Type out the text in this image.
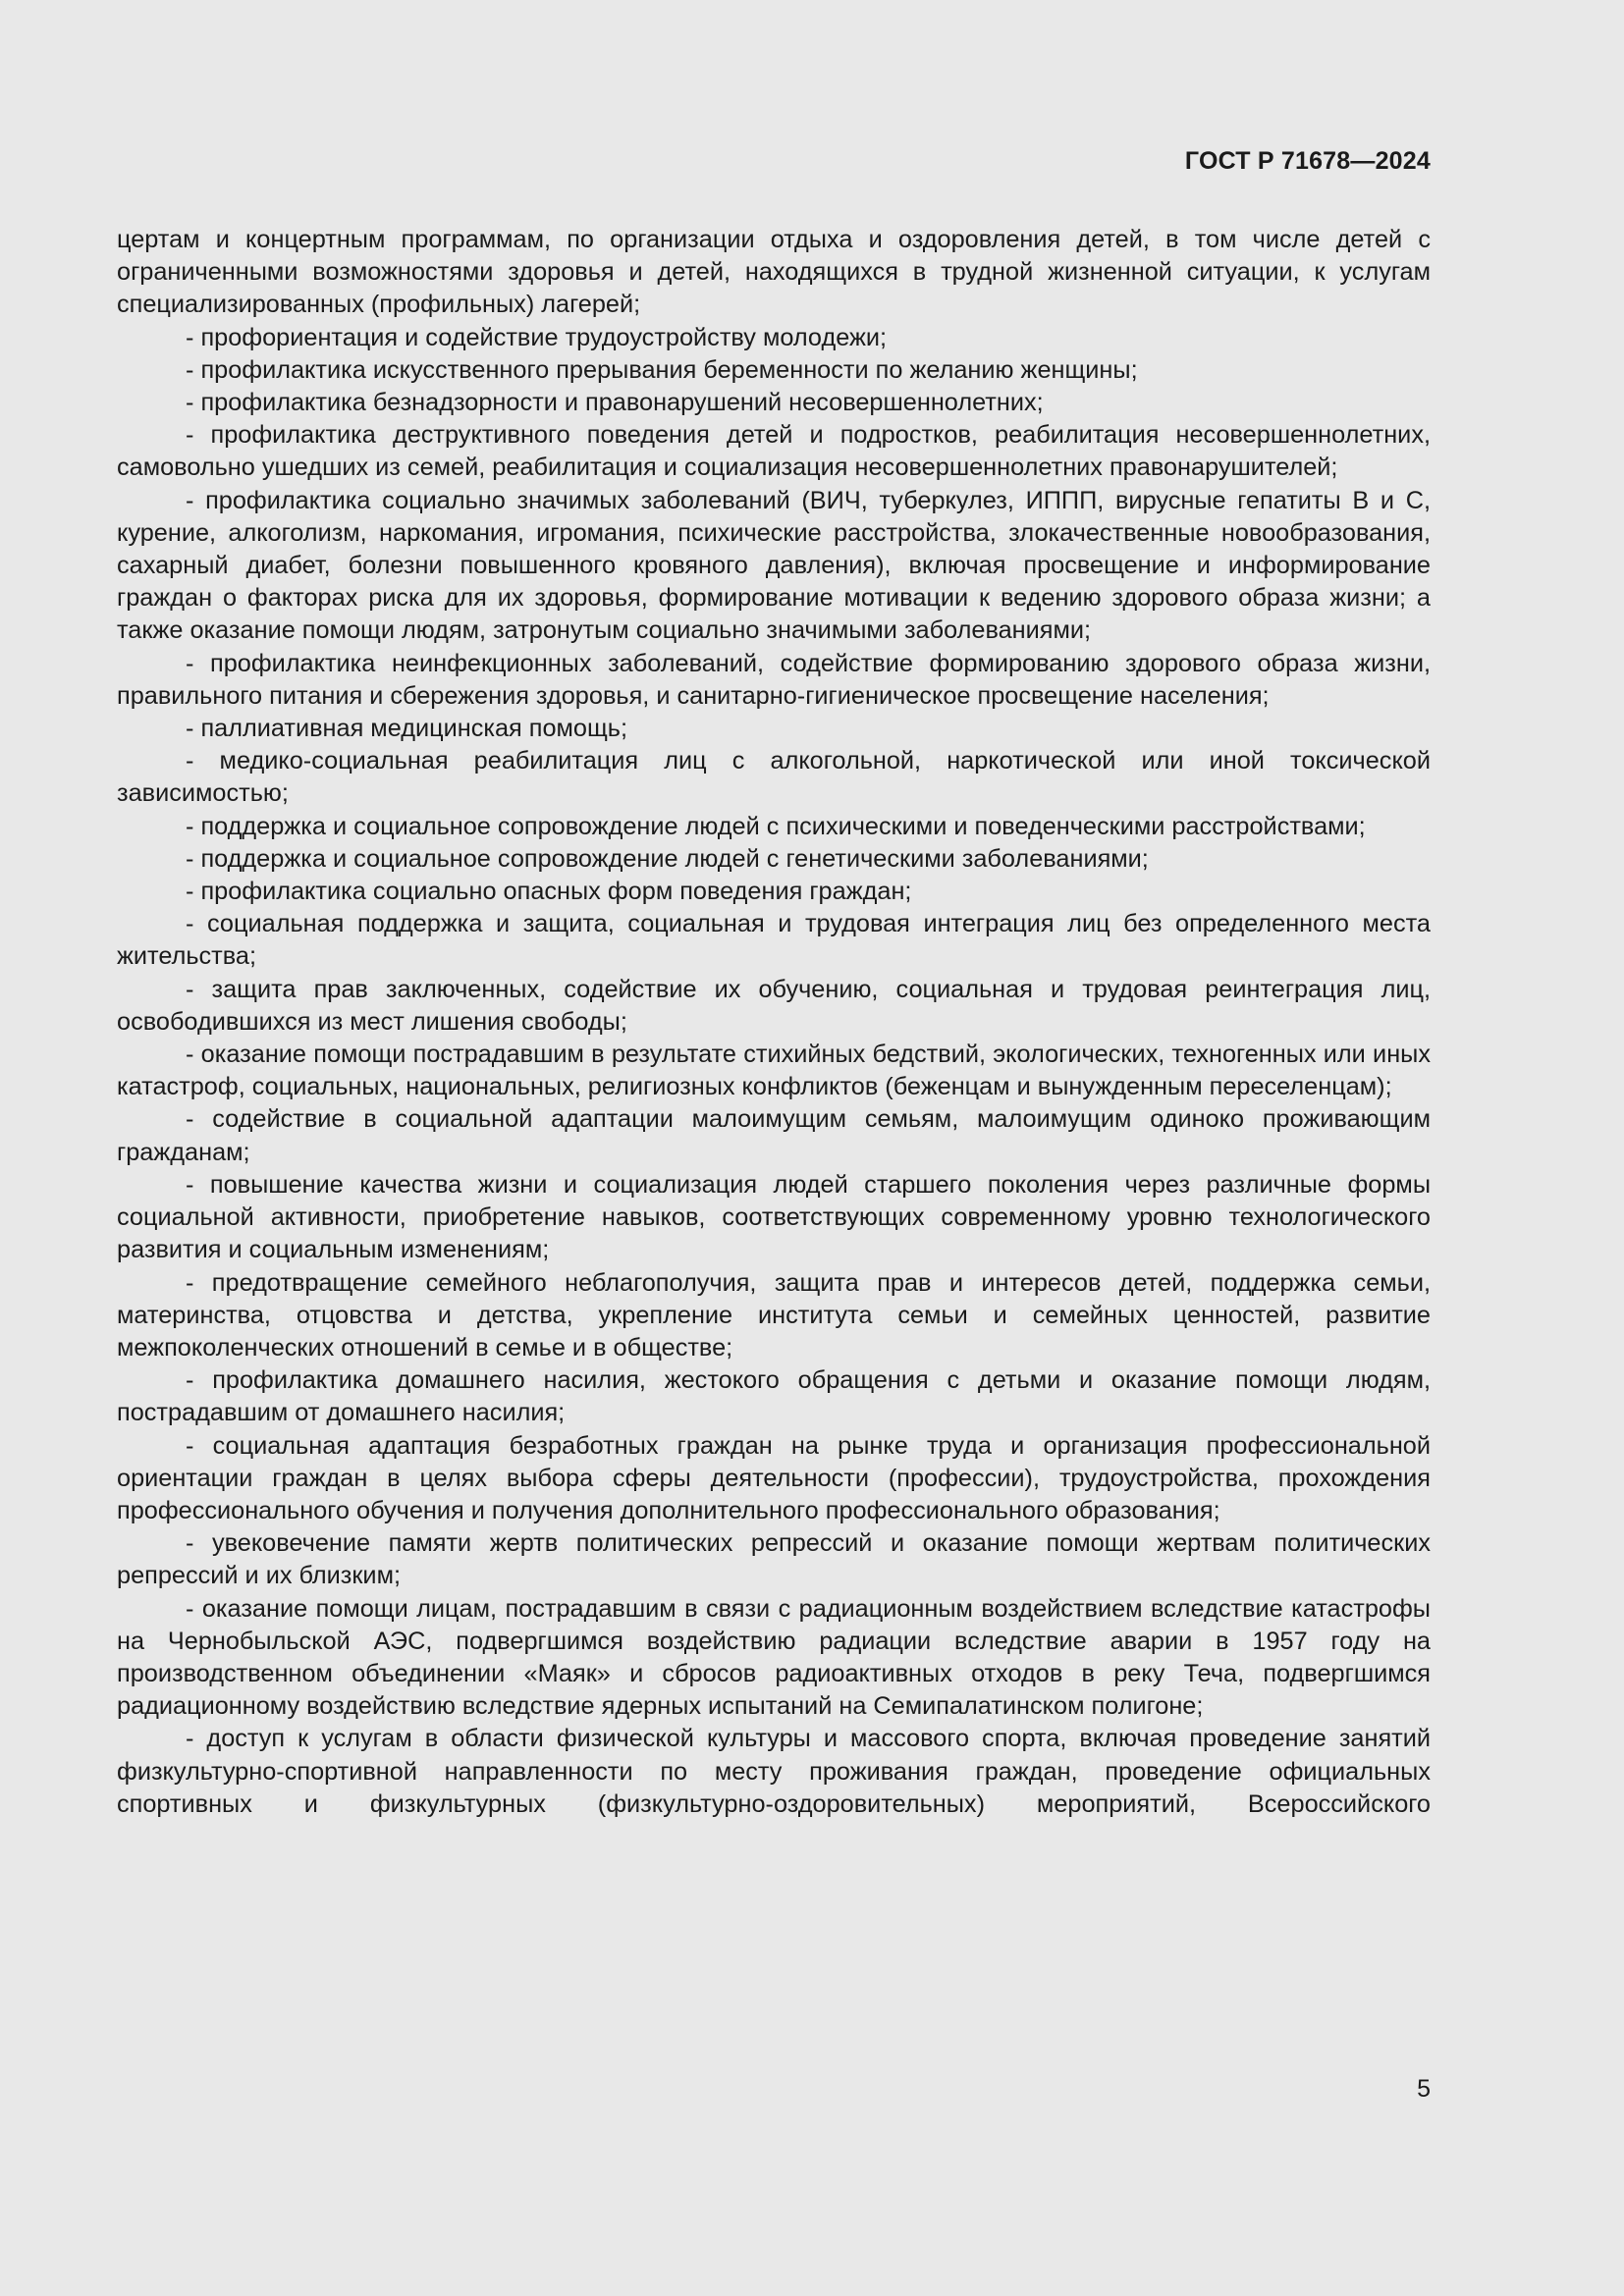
ГОСТ Р 71678—2024

цертам и концертным программам, по организации отдыха и оздоровления детей, в том числе детей с ограниченными возможностями здоровья и детей, находящихся в трудной жизненной ситуации, к услугам специализированных (профильных) лагерей;

- профориентация и содействие трудоустройству молодежи;

- профилактика искусственного прерывания беременности по желанию женщины;

- профилактика безнадзорности и правонарушений несовершеннолетних;

- профилактика деструктивного поведения детей и подростков, реабилитация несовершеннолетних, самовольно ушедших из семей, реабилитация и социализация несовершеннолетних правонарушителей;

- профилактика социально значимых заболеваний (ВИЧ, туберкулез, ИППП, вирусные гепатиты В и С, курение, алкоголизм, наркомания, игромания, психические расстройства, злокачественные новообразования, сахарный диабет, болезни повышенного кровяного давления), включая просвещение и информирование граждан о факторах риска для их здоровья, формирование мотивации к ведению здорового образа жизни; а также оказание помощи людям, затронутым социально значимыми заболеваниями;

- профилактика неинфекционных заболеваний, содействие формированию здорового образа жизни, правильного питания и сбережения здоровья, и санитарно-гигиеническое просвещение населения;

- паллиативная медицинская помощь;

- медико-социальная реабилитация лиц с алкогольной, наркотической или иной токсической зависимостью;

- поддержка и социальное сопровождение людей с психическими и поведенческими расстройствами;

- поддержка и социальное сопровождение людей с генетическими заболеваниями;

- профилактика социально опасных форм поведения граждан;

- социальная поддержка и защита, социальная и трудовая интеграция лиц без определенного места жительства;

- защита прав заключенных, содействие их обучению, социальная и трудовая реинтеграция лиц, освободившихся из мест лишения свободы;

- оказание помощи пострадавшим в результате стихийных бедствий, экологических, техногенных или иных катастроф, социальных, национальных, религиозных конфликтов (беженцам и вынужденным переселенцам);

- содействие в социальной адаптации малоимущим семьям, малоимущим одиноко проживающим гражданам;

- повышение качества жизни и социализация людей старшего поколения через различные формы социальной активности, приобретение навыков, соответствующих современному уровню технологического развития и социальным изменениям;

- предотвращение семейного неблагополучия, защита прав и интересов детей, поддержка семьи, материнства, отцовства и детства, укрепление института семьи и семейных ценностей, развитие межпоколенческих отношений в семье и в обществе;

- профилактика домашнего насилия, жестокого обращения с детьми и оказание помощи людям, пострадавшим от домашнего насилия;

- социальная адаптация безработных граждан на рынке труда и организация профессиональной ориентации граждан в целях выбора сферы деятельности (профессии), трудоустройства, прохождения профессионального обучения и получения дополнительного профессионального образования;

- увековечение памяти жертв политических репрессий и оказание помощи жертвам политических репрессий и их близким;

- оказание помощи лицам, пострадавшим в связи с радиационным воздействием вследствие катастрофы на Чернобыльской АЭС, подвергшимся воздействию радиации вследствие аварии в 1957 году на производственном объединении «Маяк» и сбросов радиоактивных отходов в реку Теча, подвергшимся радиационному воздействию вследствие ядерных испытаний на Семипалатинском полигоне;

- доступ к услугам в области физической культуры и массового спорта, включая проведение занятий физкультурно-спортивной направленности по месту проживания граждан, проведение официальных спортивных и физкультурных (физкультурно-оздоровительных) мероприятий, Всероссийского

5
